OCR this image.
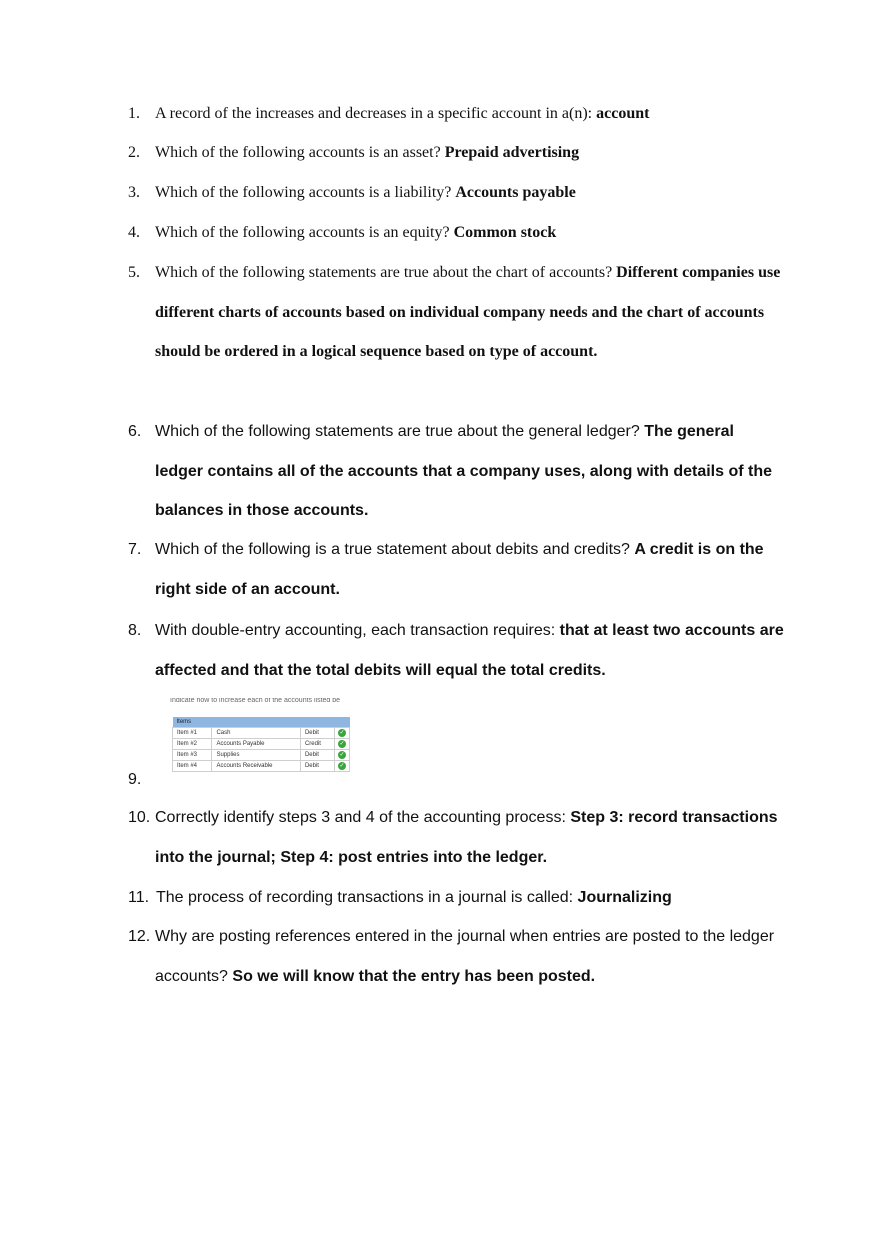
1. A record of the increases and decreases in a specific account in a(n): account
2. Which of the following accounts is an asset? Prepaid advertising
3. Which of the following accounts is a liability? Accounts payable
4. Which of the following accounts is an equity? Common stock
5. Which of the following statements are true about the chart of accounts? Different companies use different charts of accounts based on individual company needs and the chart of accounts should be ordered in a logical sequence based on type of account.
6. Which of the following statements are true about the general ledger? The general ledger contains all of the accounts that a company uses, along with details of the balances in those accounts.
7. Which of the following is a true statement about debits and credits? A credit is on the right side of an account.
8. With double-entry accounting, each transaction requires: that at least two accounts are affected and that the total debits will equal the total credits.
Indicate how to increase each of the accounts listed be
Items			
Item #1	Cash	Debit	✓
Item #2	Accounts Payable	Credit	✓
Item #3	Supplies	Debit	✓
Item #4	Accounts Receivable	Debit	✓
9.
10. Correctly identify steps 3 and 4 of the accounting process: Step 3: record transactions into the journal; Step 4: post entries into the ledger.
11. The process of recording transactions in a journal is called: Journalizing
12. Why are posting references entered in the journal when entries are posted to the ledger accounts? So we will know that the entry has been posted.
